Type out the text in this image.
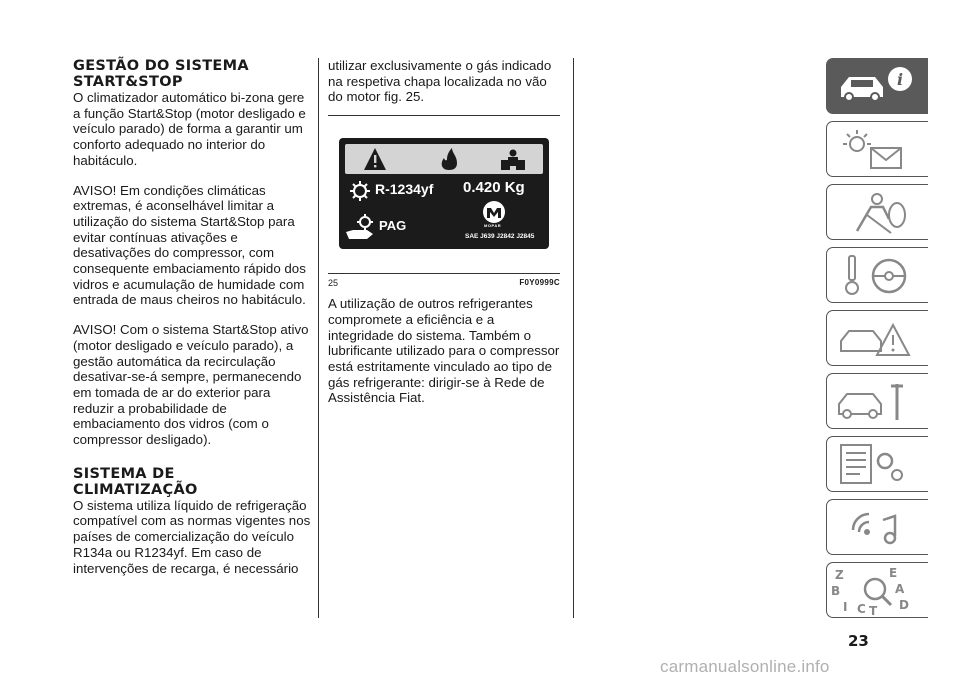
GESTÃO DO SISTEMA
START&STOP

O climatizador automático bi-zona gere a função Start&Stop (motor desligado e veículo parado) de forma a garantir um conforto adequado no interior do habitáculo.

AVISO! Em condições climáticas extremas, é aconselhável limitar a utilização do sistema Start&Stop para evitar contínuas ativações e desativações do compressor, com consequente embaciamento rápido dos vidros e acumulação de humidade com entrada de maus cheiros no habitáculo.

AVISO! Com o sistema Start&Stop ativo (motor desligado e veículo parado), a gestão automática da recirculação desativar-se-á sempre, permanecendo em tomada de ar do exterior para reduzir a probabilidade de embaciamento dos vidros (com o compressor desligado).

SISTEMA DE
CLIMATIZAÇÃO

O sistema utiliza líquido de refrigeração compatível com as normas vigentes nos países de comercialização do veículo R134a ou R1234yf. Em caso de intervenções de recarga, é necessário

utilizar exclusivamente o gás indicado na respetiva chapa localizada no vão do motor fig. 25.

R-1234yf 0.420 Kg
PAG	MOPAR
SAE J639 J2842 J2845
25	F0Y0999C

A utilização de outros refrigerantes compromete a eficiência e a integridade do sistema. Também o lubrificante utilizado para o compressor está estritamente vinculado ao tipo de gás refrigerante: dirigir-se à Rede de Assistência Fiat.

i
Z	E
B	A
I C T D
23
carmanualsonline.info
